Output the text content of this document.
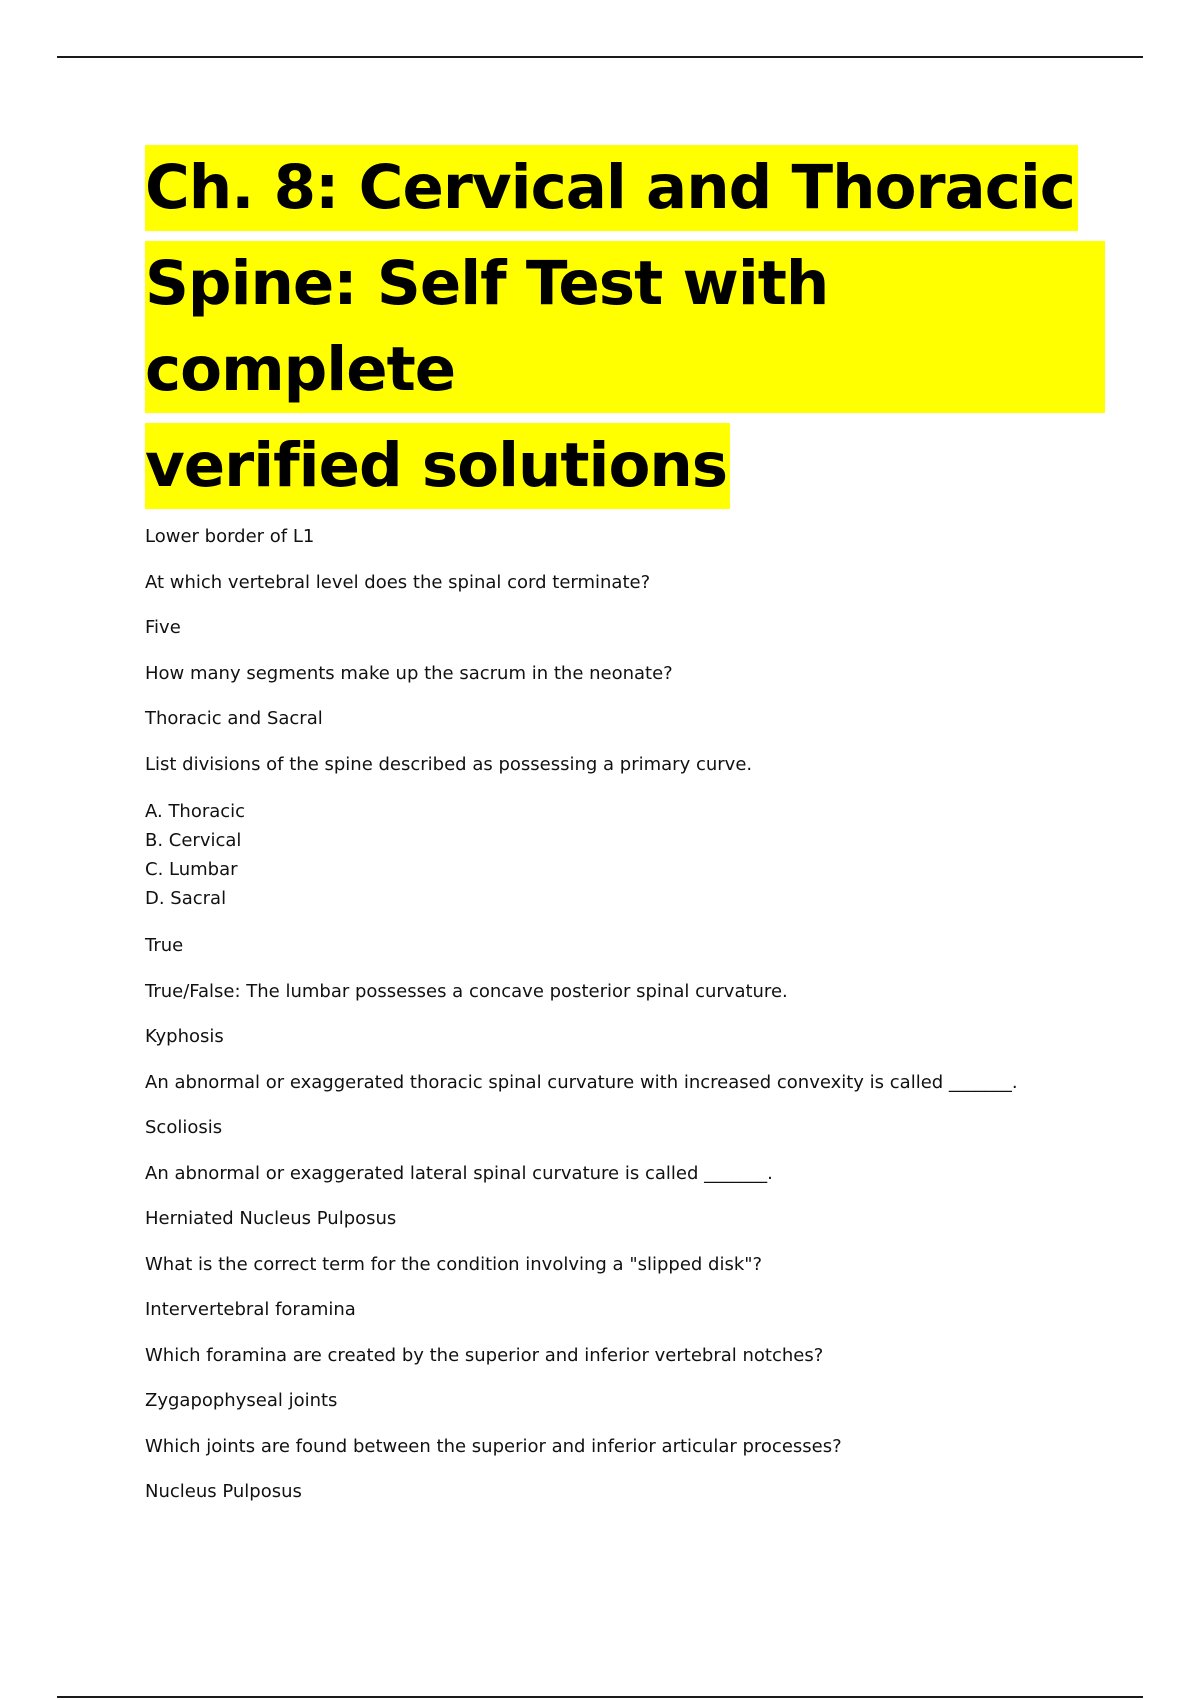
Ch. 8: Cervical and Thoracic
Spine: Self Test with complete
verified solutions
Lower border of L1
At which vertebral level does the spinal cord terminate?
Five
How many segments make up the sacrum in the neonate?
Thoracic and Sacral
List divisions of the spine described as possessing a primary curve.
A. Thoracic
B. Cervical
C. Lumbar
D. Sacral
True
True/False: The lumbar possesses a concave posterior spinal curvature.
Kyphosis
An abnormal or exaggerated thoracic spinal curvature with increased convexity is called _______.
Scoliosis
An abnormal or exaggerated lateral spinal curvature is called _______.
Herniated Nucleus Pulposus
What is the correct term for the condition involving a "slipped disk"?
Intervertebral foramina
Which foramina are created by the superior and inferior vertebral notches?
Zygapophyseal joints
Which joints are found between the superior and inferior articular processes?
Nucleus Pulposus
